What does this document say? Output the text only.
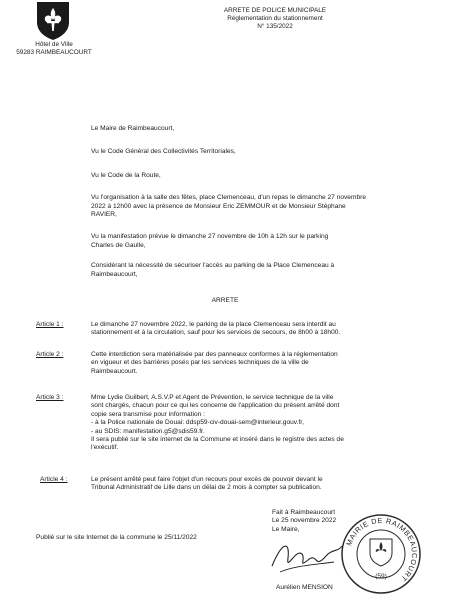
Hôtel de Ville
59283 RAIMBEAUCOURT
ARRETE DE POLICE MUNICIPALE
Réglementation du stationnement
N° 135/2022
Le Maire de Raimbeaucourt,
Vu le Code Général des Collectivités Territoriales,
Vu le Code de la Route,
Vu l'organisation à la salle des fêtes, place Clemenceau, d'un repas le dimanche 27 novembre
2022 à 12h00 avec la présence de Monsieur Eric ZEMMOUR et de Monsieur Stéphane
RAVIER,
Vu la manifestation prévue le dimanche 27 novembre de 10h à 12h sur le parking
Charles de Gaulle,
Considérant la nécessité de sécuriser l'accès au parking de la Place Clemenceau à
Raimbeaucourt,
ARRETE
Article 1 :	Le dimanche 27 novembre 2022, le parking de la place Clemenceau sera interdit au
stationnement et à la circulation, sauf pour les services de secours, de 8h00 à 18h00.
Article 2 :	Cette interdiction sera matérialisée par des panneaux conformes à la réglementation
en vigueur et des barrières posés par les services techniques de la ville de
Raimbeaucourt.
Article 3 :	Mme Lydie Guilbert, A.S.V.P et Agent de Prévention, le service technique de la ville
sont chargés, chacun pour ce qui les concerne de l'application du présent arrêté dont
copie sera transmise pour information :
- à la Police nationale de Douai: ddsp59-civ-douai-sem@interieur.gouv.fr,
- au SDIS: manifestation.g5@sdis59.fr.
Il sera publié sur le site internet de la Commune et inséré dans le registre des actes de
l'exécutif.
Article 4 :	Le présent arrêté peut faire l'objet d'un recours pour excès de pouvoir devant le
Tribunal Administratif de Lille dans un délai de 2 mois à compter sa publication.
Fait à Raimbeaucourt
Le 25 novembre 2022
Le Maire,
Aurélien MENSION
Publié sur le site Internet de la commune le 25/11/2022
MAIRIE DE RAIMBEAUCOURT
(59)
